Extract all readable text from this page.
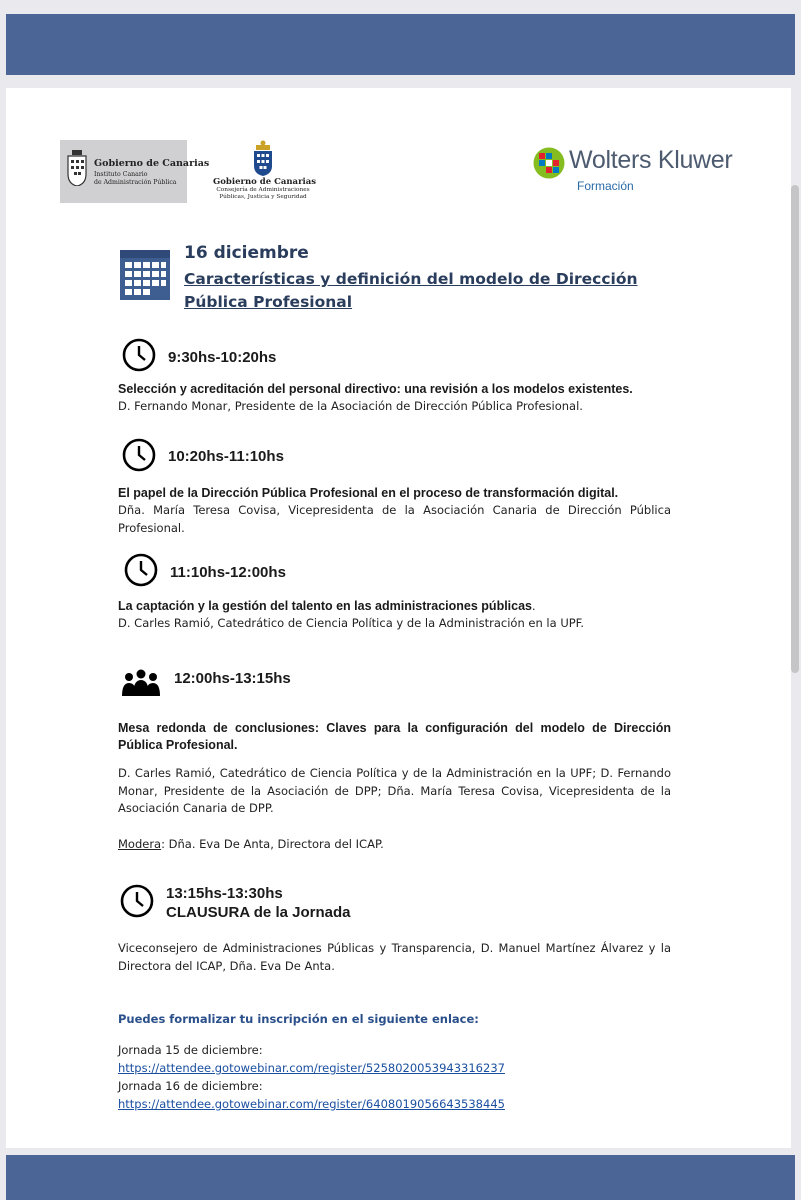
Gobierno de Canarias
Instituto Canario
de Administración Pública	Gobierno de Canarias
Consejería de Administraciones
Públicas, Justicia y Seguridad
Wolters Kluwer
Formación
16 diciembre
Características y definición del modelo de Dirección Pública Profesional
9:30hs-10:20hs
Selección y acreditación del personal directivo: una revisión a los modelos existentes.
D. Fernando Monar, Presidente de la Asociación de Dirección Pública Profesional.
10:20hs-11:10hs
El papel de la Dirección Pública Profesional en el proceso de transformación digital.
Dña. María Teresa Covisa, Vicepresidenta de la Asociación Canaria de Dirección Pública Profesional.
11:10hs-12:00hs
La captación y la gestión del talento en las administraciones públicas.
D. Carles Ramió, Catedrático de Ciencia Política y de la Administración en la UPF.
12:00hs-13:15hs
Mesa redonda de conclusiones: Claves para la configuración del modelo de Dirección Pública Profesional.
D. Carles Ramió, Catedrático de Ciencia Política y de la Administración en la UPF; D. Fernando Monar, Presidente de la Asociación de DPP; Dña. María Teresa Covisa, Vicepresidenta de la Asociación Canaria de DPP.
Modera: Dña. Eva De Anta, Directora del ICAP.
13:15hs-13:30hs
CLAUSURA de la Jornada
Viceconsejero de Administraciones Públicas y Transparencia, D. Manuel Martínez Álvarez y la Directora del ICAP, Dña. Eva De Anta.
Puedes formalizar tu inscripción en el siguiente enlace:
Jornada 15 de diciembre:
https://attendee.gotowebinar.com/register/5258020053943316237
Jornada 16 de diciembre:
https://attendee.gotowebinar.com/register/6408019056643538445
